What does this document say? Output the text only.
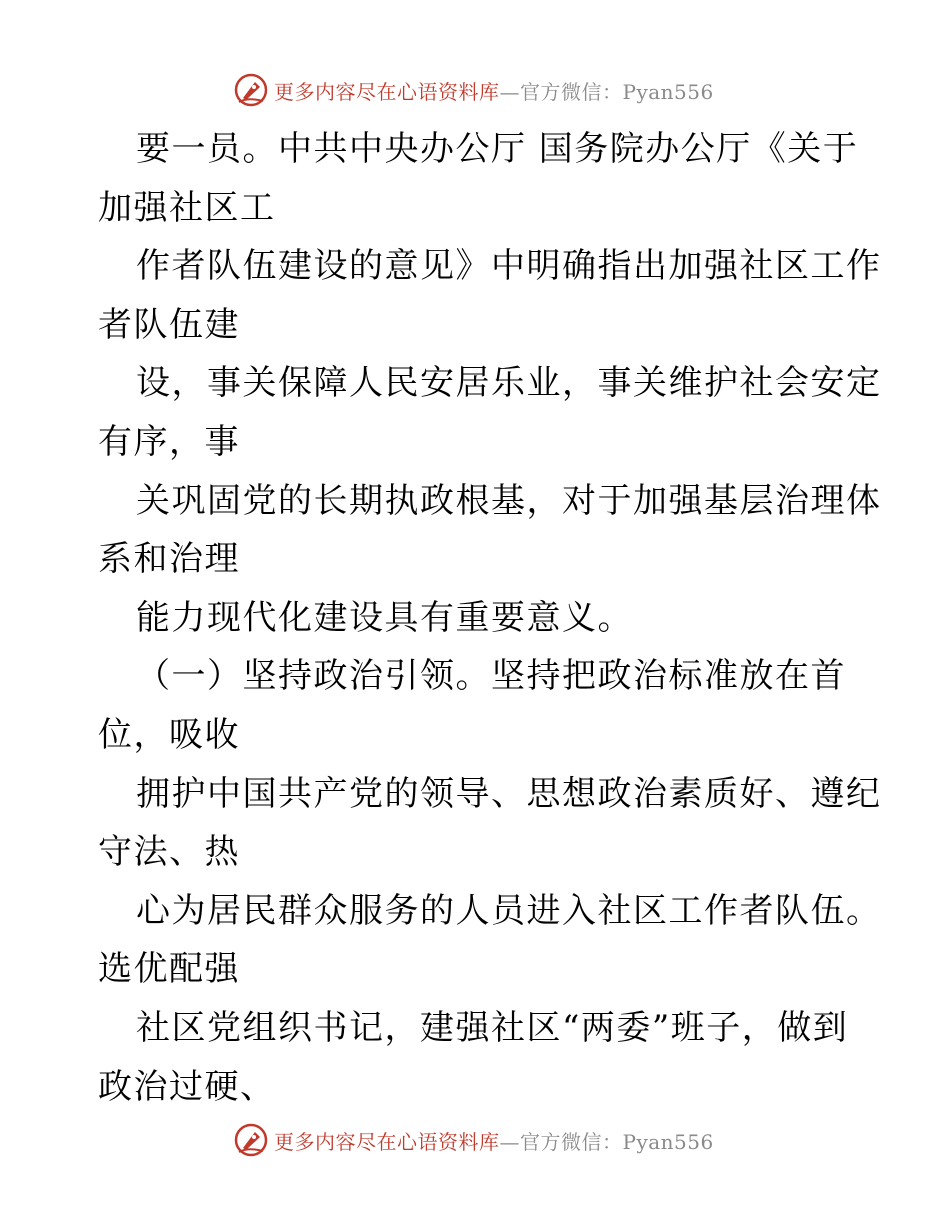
更多内容尽在心语资料库—官方微信：Pyan556
要一员。中共中央办公厅 国务院办公厅《关于
加强社区工
作者队伍建设的意见》中明确指出加强社区工作
者队伍建
设，事关保障人民安居乐业，事关维护社会安定
有序，事
关巩固党的长期执政根基，对于加强基层治理体
系和治理
能力现代化建设具有重要意义。
（一）坚持政治引领。坚持把政治标准放在首
位，吸收
拥护中国共产党的领导、思想政治素质好、遵纪
守法、热
心为居民群众服务的人员进入社区工作者队伍。
选优配强
社区党组织书记，建强社区“两委”班子，做到
政治过硬、
更多内容尽在心语资料库—官方微信：Pyan556
